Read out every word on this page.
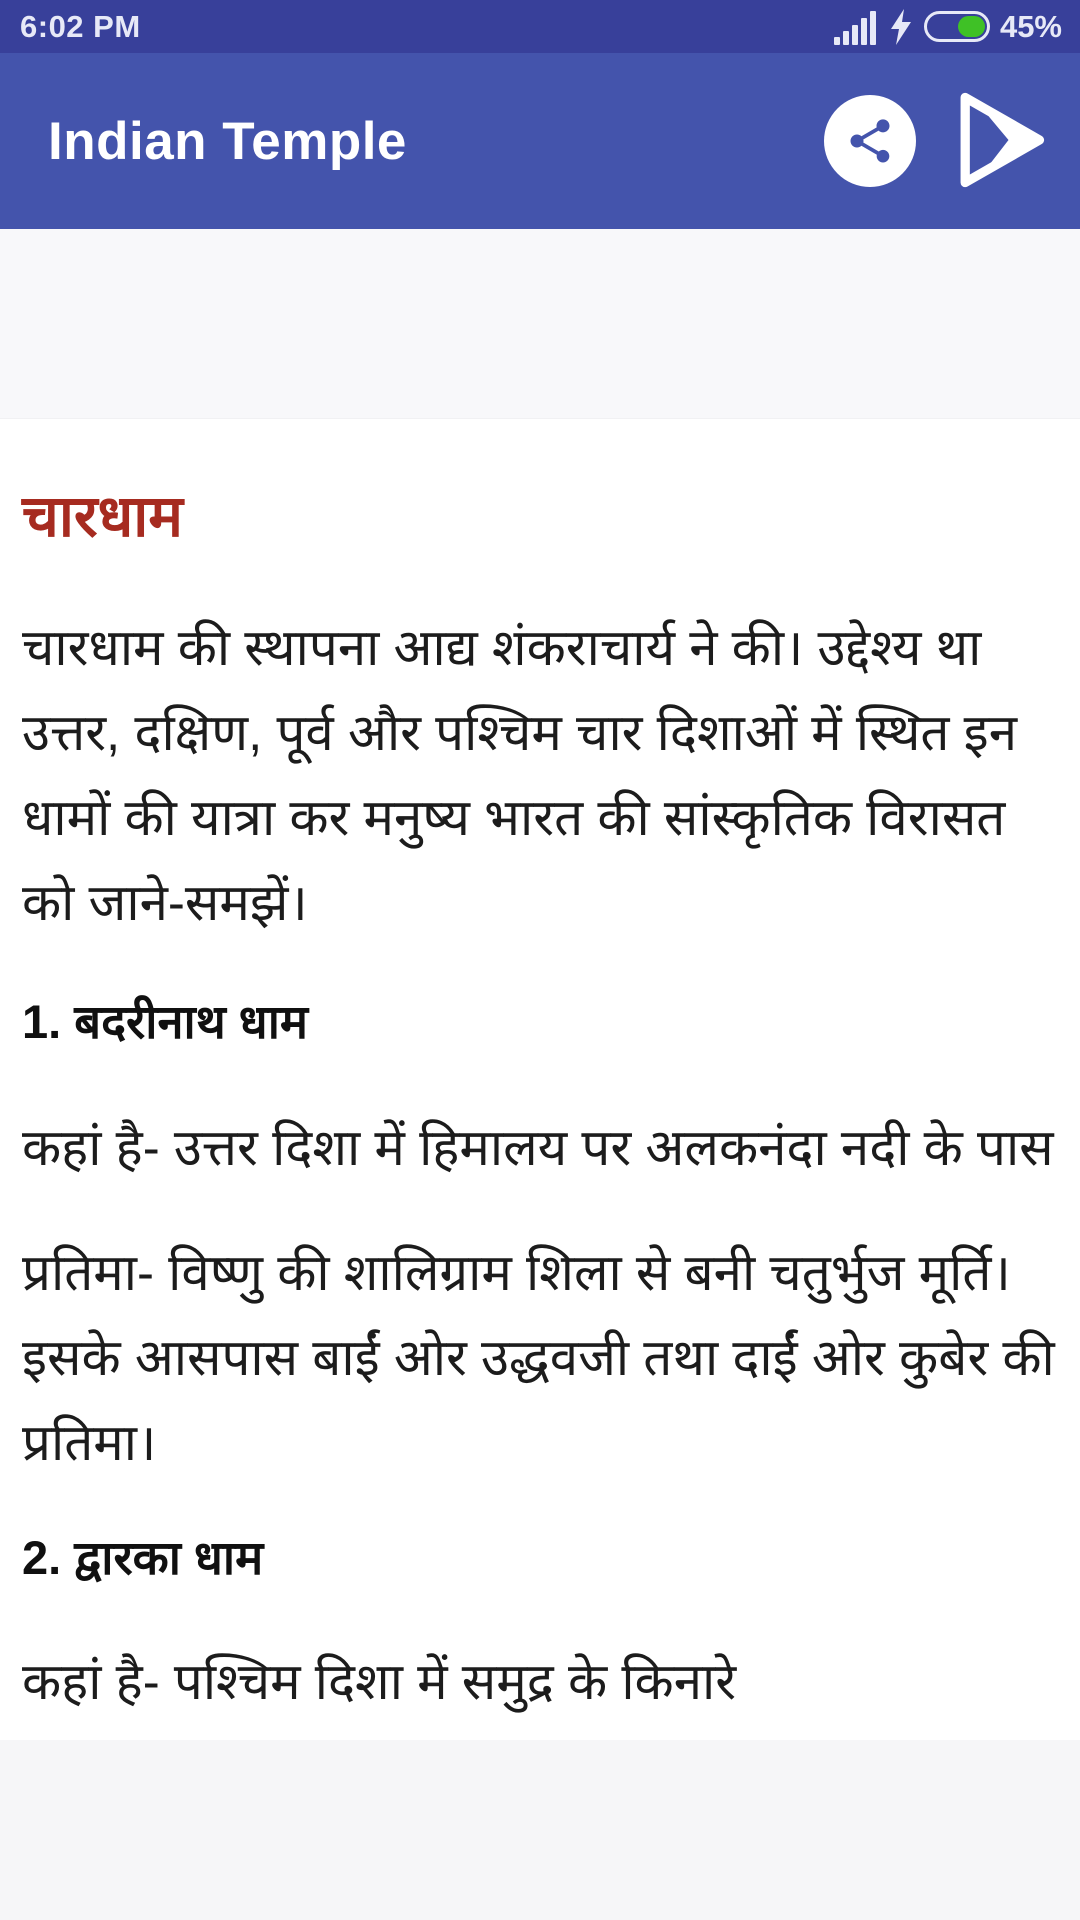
6:02 PM	45%
Indian Temple
चारधाम

चारधाम की स्थापना आद्य शंकराचार्य ने की। उद्देश्य था उत्तर, दक्षिण, पूर्व और पश्चिम चार दिशाओं में स्थित इन धामों की यात्रा कर मनुष्य भारत की सांस्कृतिक विरासत को जाने-समझें।

1. बदरीनाथ धाम

कहां है- उत्तर दिशा में हिमालय पर अलकनंदा नदी के पास

प्रतिमा- विष्णु की शालिग्राम शिला से बनी चतुर्भुज मूर्ति। इसके आसपास बाईं ओर उद्धवजी तथा दाईं ओर कुबेर की प्रतिमा।

2. द्वारका धाम

कहां है- पश्चिम दिशा में समुद्र के किनारे
